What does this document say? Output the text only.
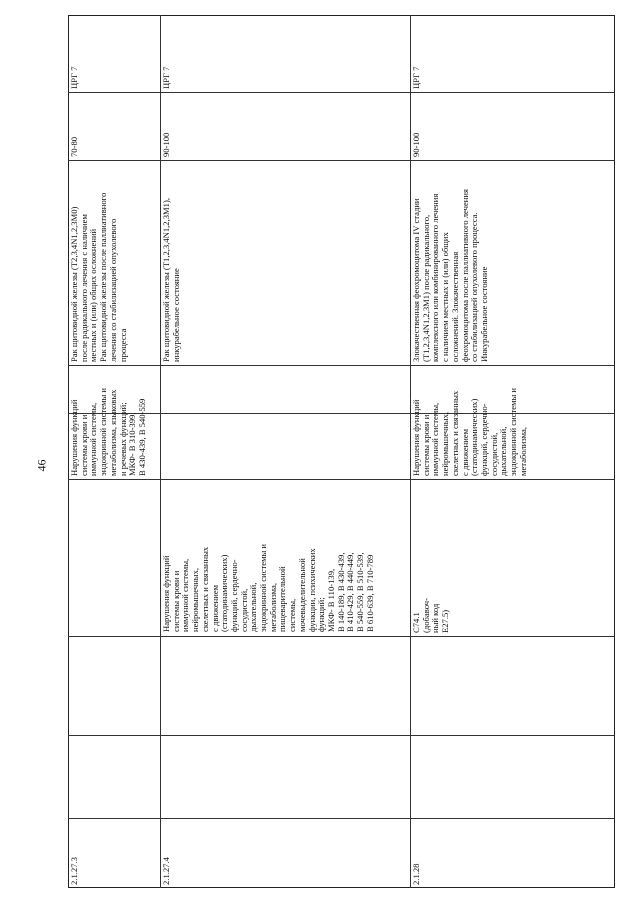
46
2.1.27.3
Нарушения функций
системы крови и
иммунной системы,
эндокринной системы и
метаболизма, языковых
и речевых функций;
МКФ- В 310-399,
В 430-439, В 540-559
Рак щитовидной железы (Т2,3,4N1,2,3M0)
после радикального лечения с наличием
местных и (или) общих осложнений
Рак щитовидной железы после паллиативного
лечения со стабилизацией опухолевого
процесса
70-80
ЦРГ 7
2.1.27.4
Нарушения функций
системы крови и
иммунной системы,
нейромышечных,
скелетных и связанных
с движением
(статодинамических)
функций, сердечно-
сосудистой,
дыхательной,
эндокринной системы и
метаболизма,
пищеварительной
системы,
мочевыделительной
функции, психических
функций;
МКФ- В 110-139,
В 140-189, В 430-439,
В 410-429, В 440-449,
В 540-559, В 510-539,
В 610-639, В 710-789
Рак щитовидной железы (Т1,2,3,4N1,2,3M1),
инкурабельное состояние
90-100
ЦРГ 7
2.1.28
С74.1
(добавоч-
ный код
Е27.5)
Нарушения функций
системы крови и
иммунной системы,
нейромышечных,
скелетных и связанных
с движением
(статодинамических)
функций, сердечно-
сосудистой,
дыхательной,
эндокринной системы и
метаболизма,
Злокачественная феохромоцитома IV стадии
(Т1,2,3,4N1,2,3M1) после радикального,
комплексного или комбинированного лечения
с наличием местных и (или) общих
осложнений. Злокачественная
феохромоцитома после паллиативного лечения
со стабилизацией опухолевого процесса.
Инкурабельное состояние
90-100
ЦРГ 7
